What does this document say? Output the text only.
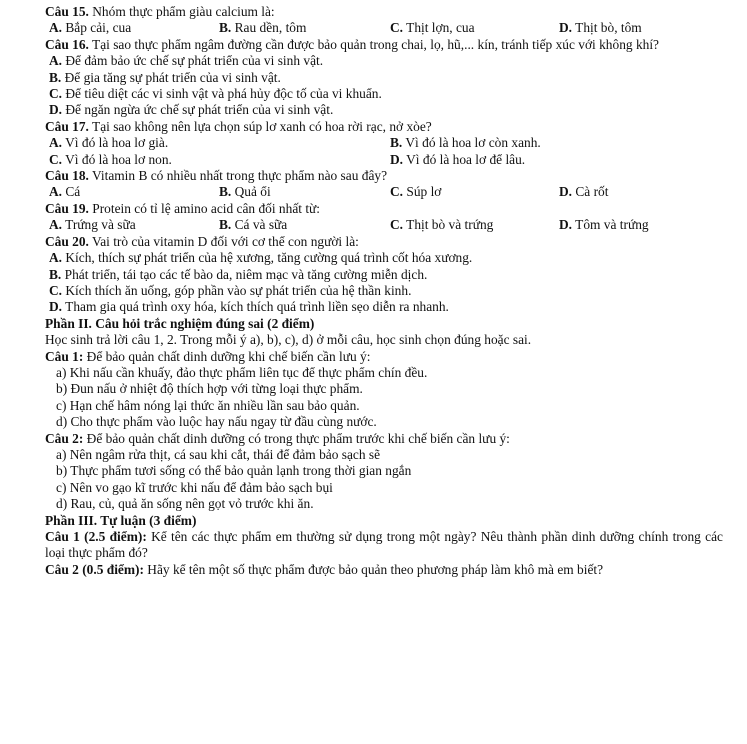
Câu 15. Nhóm thực phẩm giàu calcium là:
A. Bắp cải, cua	B. Rau dền, tôm	C. Thịt lợn, cua	D. Thịt bò, tôm
Câu 16. Tại sao thực phẩm ngâm đường cần được bảo quản trong chai, lọ, hũ,... kín, tránh tiếp xúc với không khí?
A. Để đảm bảo ức chế sự phát triển của vi sinh vật.
B. Để gia tăng sự phát triển của vi sinh vật.
C. Để tiêu diệt các vi sinh vật và phá hủy độc tố của vi khuẩn.
D. Để ngăn ngừa ức chế sự phát triển của vi sinh vật.
Câu 17. Tại sao không nên lựa chọn súp lơ xanh có hoa rời rạc, nở xòe?
A. Vì đó là hoa lơ già.	B. Vì đó là hoa lơ còn xanh.
C. Vì đó là hoa lơ non.	D. Vì đó là hoa lơ để lâu.
Câu 18. Vitamin B có nhiều nhất trong thực phẩm nào sau đây?
A. Cá	B. Quả ổi	C. Súp lơ	D. Cà rốt
Câu 19. Protein có tỉ lệ amino acid cân đối nhất từ:
A. Trứng và sữa	B. Cá và sữa	C. Thịt bò và trứng	D. Tôm và trứng
Câu 20. Vai trò của vitamin D đối với cơ thể con người là:
A. Kích, thích sự phát triển của hệ xương, tăng cường quá trình cốt hóa xương.
B. Phát triển, tái tạo các tế bào da, niêm mạc và tăng cường miễn dịch.
C. Kích thích ăn uống, góp phần vào sự phát triển của hệ thần kinh.
D. Tham gia quá trình oxy hóa, kích thích quá trình liền sẹo diễn ra nhanh.
Phần II. Câu hỏi trắc nghiệm đúng sai (2 điểm)
Học sinh trả lời câu 1, 2. Trong mỗi ý a), b), c), d) ở mỗi câu, học sinh chọn đúng hoặc sai.
Câu 1: Để bảo quản chất dinh dưỡng khi chế biến cần lưu ý:
a) Khi nấu cần khuấy, đảo thực phẩm liên tục để thực phẩm chín đều.
b) Đun nấu ở nhiệt độ thích hợp với từng loại thực phẩm.
c) Hạn chế hâm nóng lại thức ăn nhiều lần sau bảo quản.
d) Cho thực phẩm vào luộc hay nấu ngay từ đầu cùng nước.
Câu 2: Để bảo quản chất dinh dưỡng có trong thực phẩm trước khi chế biến cần lưu ý:
a) Nên ngâm rửa thịt, cá sau khi cắt, thái để đảm bảo sạch sẽ
b) Thực phẩm tươi sống có thể bảo quản lạnh trong thời gian ngắn
c) Nên vo gạo kĩ trước khi nấu để đảm bảo sạch bụi
d) Rau, củ, quả ăn sống nên gọt vỏ trước khi ăn.
Phần III. Tự luận (3 điểm)
Câu 1 (2.5 điểm): Kể tên các thực phẩm em thường sử dụng trong một ngày? Nêu thành phần dinh dưỡng chính trong các loại thực phẩm đó?
Câu 2 (0.5 điểm): Hãy kể tên một số thực phẩm được bảo quản theo phương pháp làm khô mà em biết?
